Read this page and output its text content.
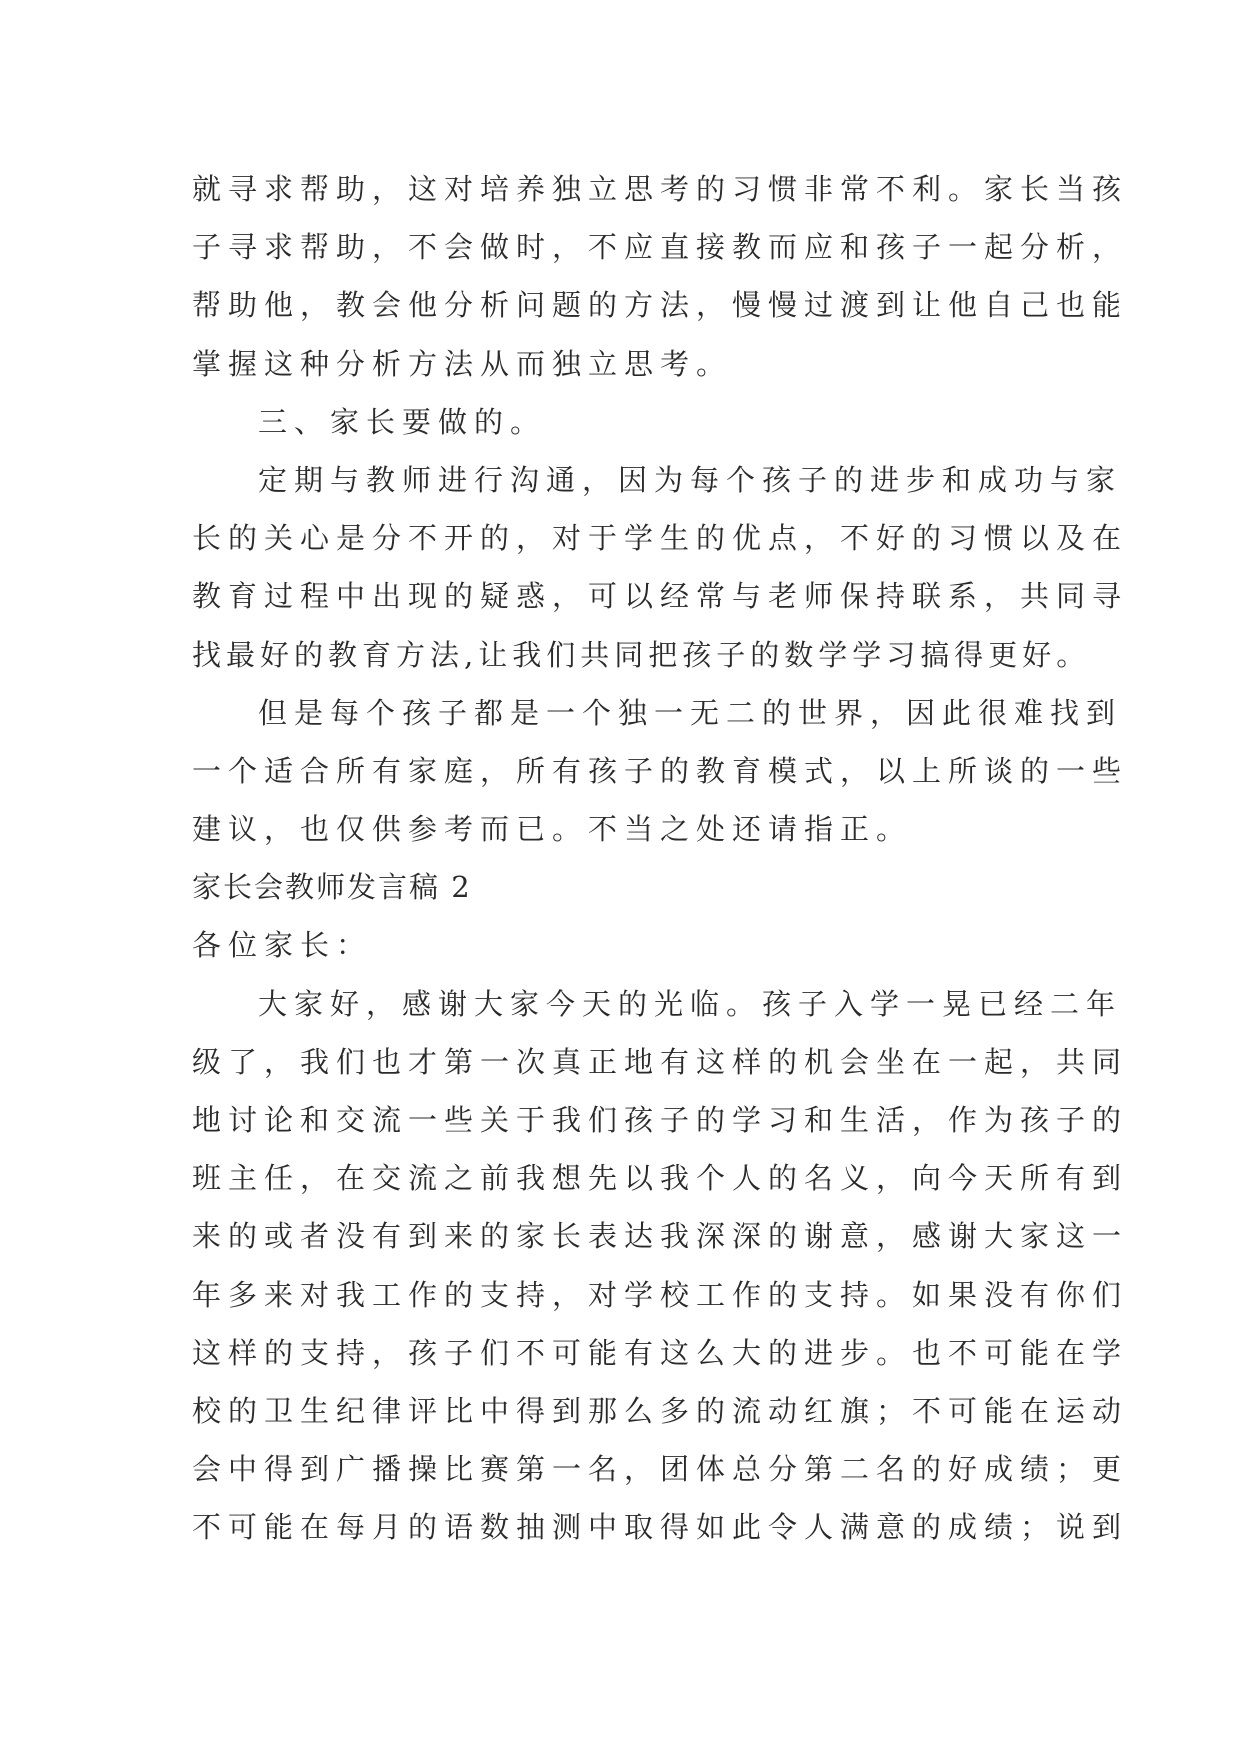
就寻求帮助，这对培养独立思考的习惯非常不利。家长当孩
子寻求帮助，不会做时，不应直接教而应和孩子一起分析，
帮助他，教会他分析问题的方法，慢慢过渡到让他自己也能
掌握这种分析方法从而独立思考。
三、家长要做的。
定期与教师进行沟通，因为每个孩子的进步和成功与家
长的关心是分不开的，对于学生的优点，不好的习惯以及在
教育过程中出现的疑惑，可以经常与老师保持联系，共同寻
找最好的教育方法,让我们共同把孩子的数学学习搞得更好。
但是每个孩子都是一个独一无二的世界，因此很难找到
一个适合所有家庭，所有孩子的教育模式，以上所谈的一些
建议，也仅供参考而已。不当之处还请指正。
家长会教师发言稿 2
各位家长：
大家好，感谢大家今天的光临。孩子入学一晃已经二年
级了，我们也才第一次真正地有这样的机会坐在一起，共同
地讨论和交流一些关于我们孩子的学习和生活，作为孩子的
班主任，在交流之前我想先以我个人的名义，向今天所有到
来的或者没有到来的家长表达我深深的谢意，感谢大家这一
年多来对我工作的支持，对学校工作的支持。如果没有你们
这样的支持，孩子们不可能有这么大的进步。也不可能在学
校的卫生纪律评比中得到那么多的流动红旗；不可能在运动
会中得到广播操比赛第一名，团体总分第二名的好成绩；更
不可能在每月的语数抽测中取得如此令人满意的成绩；说到
